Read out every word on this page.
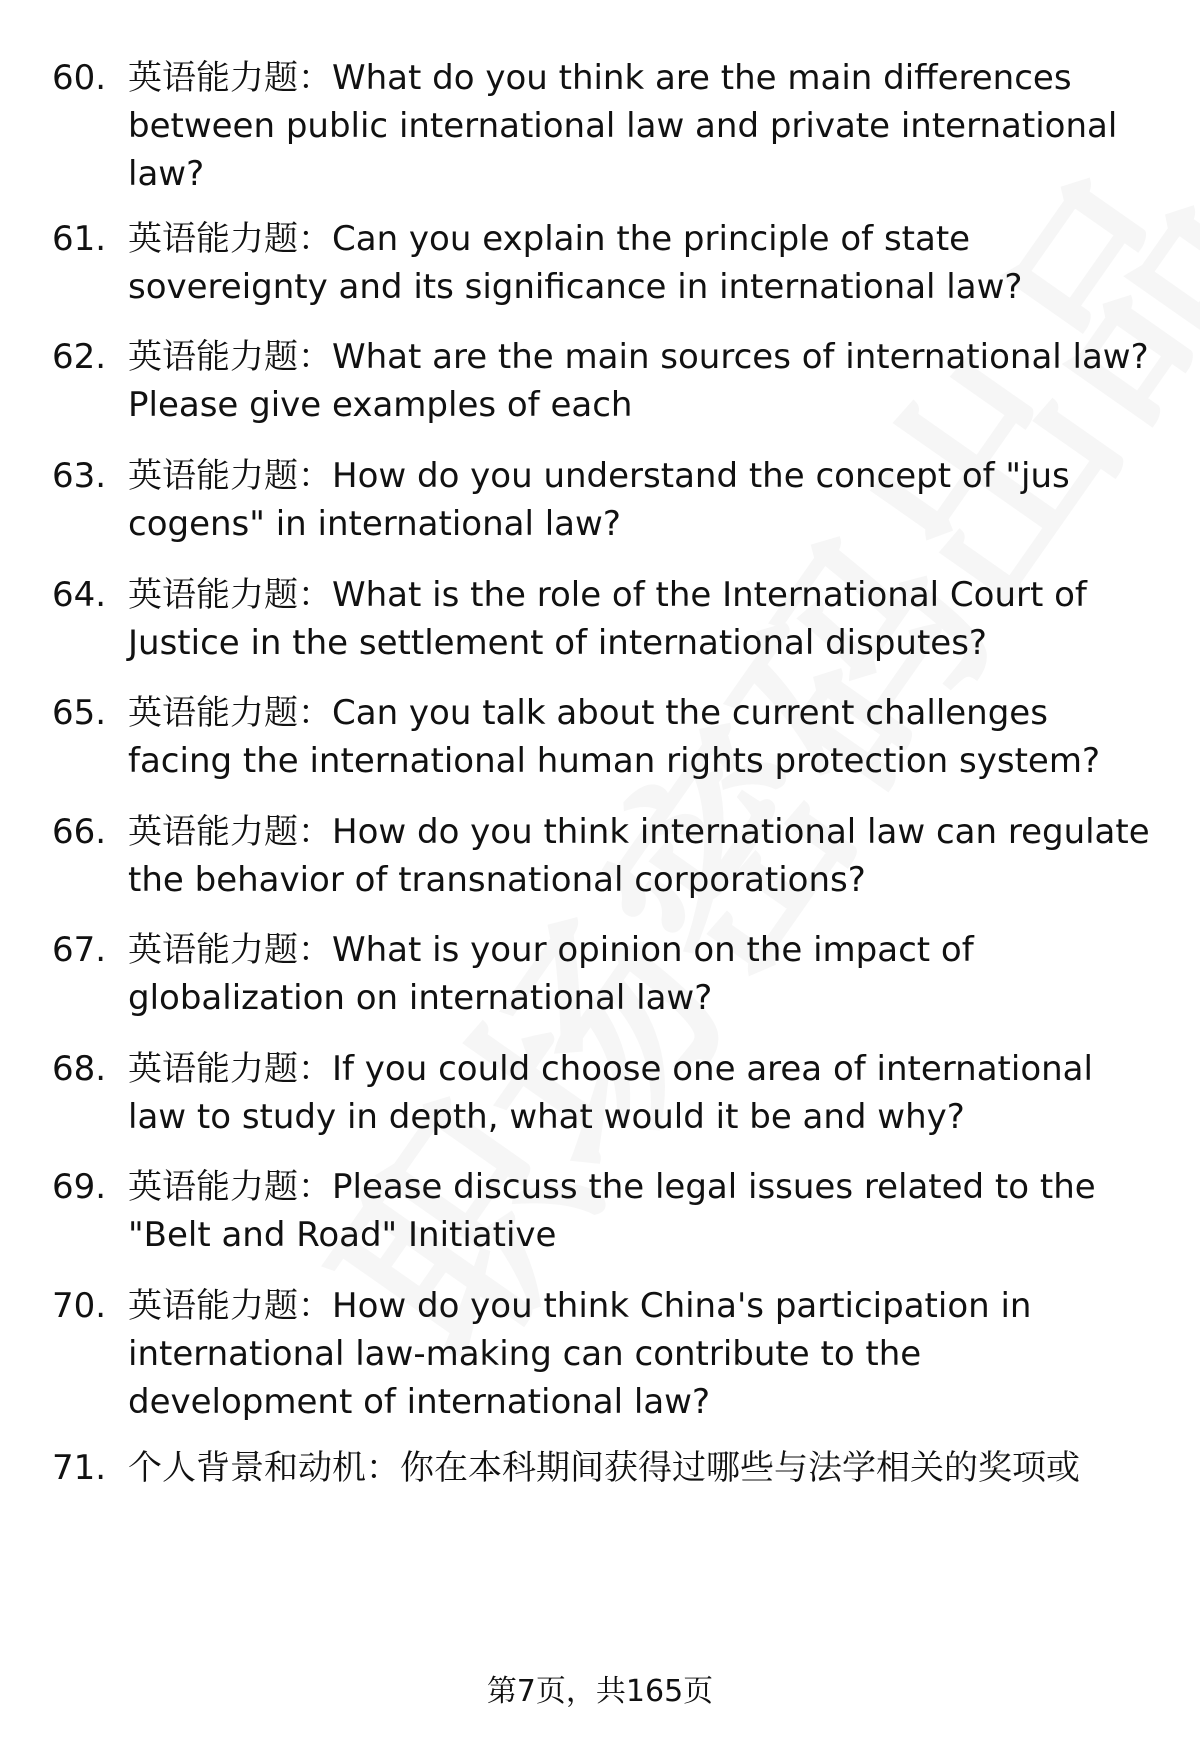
60. 英语能力题：What do you think are the main differences between public international law and private international law?
61. 英语能力题：Can you explain the principle of state sovereignty and its significance in international law?
62. 英语能力题：What are the main sources of international law? Please give examples of each
63. 英语能力题：How do you understand the concept of "jus cogens" in international law?
64. 英语能力题：What is the role of the International Court of Justice in the settlement of international disputes?
65. 英语能力题：Can you talk about the current challenges facing the international human rights protection system?
66. 英语能力题：How do you think international law can regulate the behavior of transnational corporations?
67. 英语能力题：What is your opinion on the impact of globalization on international law?
68. 英语能力题：If you could choose one area of international law to study in depth, what would it be and why?
69. 英语能力题：Please discuss the legal issues related to the "Belt and Road" Initiative
70. 英语能力题：How do you think China's participation in international law-making can contribute to the development of international law?
71. 个人背景和动机：你在本科期间获得过哪些与法学相关的奖项或
第7页，共165页
